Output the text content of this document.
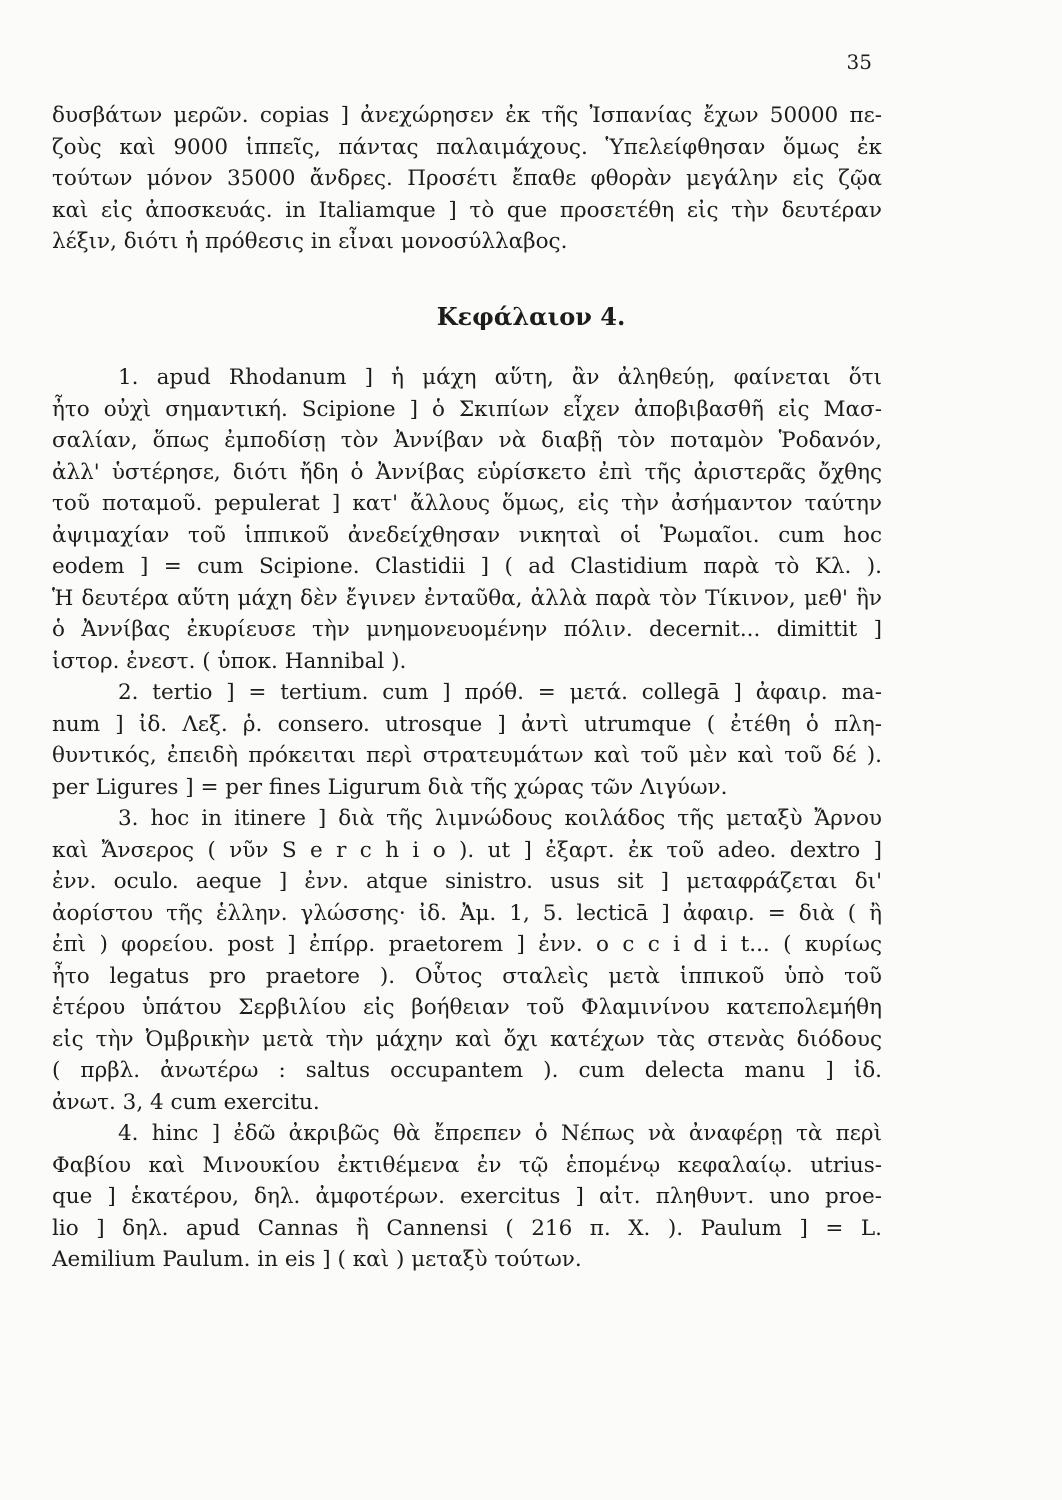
35

δυσβάτων μερῶν. copias ] ἀνεχώρησεν ἐκ τῆς Ἰσπανίας ἔχων 50000 πε-

ζοὺς καὶ 9000 ἱππεῖς, πάντας παλαιμάχους. Ὑπελείφθησαν ὅμως ἐκ

τούτων μόνον 35000 ἄνδρες. Προσέτι ἔπαθε φθορὰν μεγάλην εἰς ζῷα

καὶ εἰς ἀποσκευάς. in Italiamque ] τὸ que προσετέθη εἰς τὴν δευτέραν

λέξιν, διότι ἡ πρόθεσις in εἶναι μονοσύλλαβος.

Κεφάλαιον 4.

1. apud Rhodanum ] ἡ μάχη αὕτη, ἂν ἀληθεύῃ, φαίνεται ὅτι

ἦτο οὐχὶ σημαντική. Scipione ] ὁ Σκιπίων εἶχεν ἀποβιβασθῆ εἰς Μασ-

σαλίαν, ὅπως ἐμποδίσῃ τὸν Ἀννίβαν νὰ διαβῇ τὸν ποταμὸν Ῥοδανόν,

ἀλλ' ὑστέρησε, διότι ἤδη ὁ Ἀννίβας εὑρίσκετο ἐπὶ τῆς ἀριστερᾶς ὄχθης

τοῦ ποταμοῦ. pepulerat ] κατ' ἄλλους ὅμως, εἰς τὴν ἀσήμαντον ταύτην

ἀψιμαχίαν τοῦ ἱππικοῦ ἀνεδείχθησαν νικηταὶ οἱ Ῥωμαῖοι. cum hoc

eodem ] = cum Scipione. Clastidii ] ( ad Clastidium παρὰ τὸ Κλ. ).

Ἡ δευτέρα αὕτη μάχη δὲν ἔγινεν ἐνταῦθα, ἀλλὰ παρὰ τὸν Τίκινον, μεθ' ἣν

ὁ Ἀννίβας ἐκυρίευσε τὴν μνημονευομένην πόλιν. decernit... dimittit ]

ἱστορ. ἐνεστ. ( ὑποκ. Hannibal ).

2. tertio ] = tertium. cum ] πρόθ. = μετά. collegā ] ἀφαιρ. ma-

num ] ἰδ. Λεξ. ῥ. consero. utrosque ] ἀντὶ utrumque ( ἐτέθη ὁ πλη-

θυντικός, ἐπειδὴ πρόκειται περὶ στρατευμάτων καὶ τοῦ μὲν καὶ τοῦ δέ ).

per Ligures ] = per fines Ligurum διὰ τῆς χώρας τῶν Λιγύων.

3. hoc in itinere ] διὰ τῆς λιμνώδους κοιλάδος τῆς μεταξὺ Ἄρνου

καὶ Ἄνσερος ( νῦν S e r c h i o ). ut ] ἐξαρτ. ἐκ τοῦ adeo. dextro ]

ἐνν. oculo. aeque ] ἐνν. atque sinistro. usus sit ] μεταφράζεται δι'

ἀορίστου τῆς ἑλλην. γλώσσης· ἰδ. Ἀμ. 1, 5. lecticā ] ἀφαιρ. = διὰ ( ἢ

ἐπὶ ) φορείου. post ] ἐπίρρ. praetorem ] ἐνν. o c c i d i t... ( κυρίως

ἦτο legatus pro praetore ). Οὗτος σταλεὶς μετὰ ἱππικοῦ ὑπὸ τοῦ

ἑτέρου ὑπάτου Σερβιλίου εἰς βοήθειαν τοῦ Φλαμινίνου κατεπολεμήθη

εἰς τὴν Ὀμβρικὴν μετὰ τὴν μάχην καὶ ὄχι κατέχων τὰς στενὰς διόδους

( πρβλ. ἀνωτέρω : saltus occupantem ). cum delecta manu ] ἰδ.

ἀνωτ. 3, 4 cum exercitu.

4. hinc ] ἐδῶ ἀκριβῶς θὰ ἔπρεπεν ὁ Νέπως νὰ ἀναφέρῃ τὰ περὶ

Φαβίου καὶ Μινουκίου ἐκτιθέμενα ἐν τῷ ἑπομένῳ κεφαλαίῳ. utrius-

que ] ἑκατέρου, δηλ. ἀμφοτέρων. exercitus ] αἰτ. πληθυντ. uno proe-

lio ] δηλ. apud Cannas ἢ Cannensi ( 216 π. Χ. ). Paulum ] = L.

Aemilium Paulum. in eis ] ( καὶ ) μεταξὺ τούτων.
